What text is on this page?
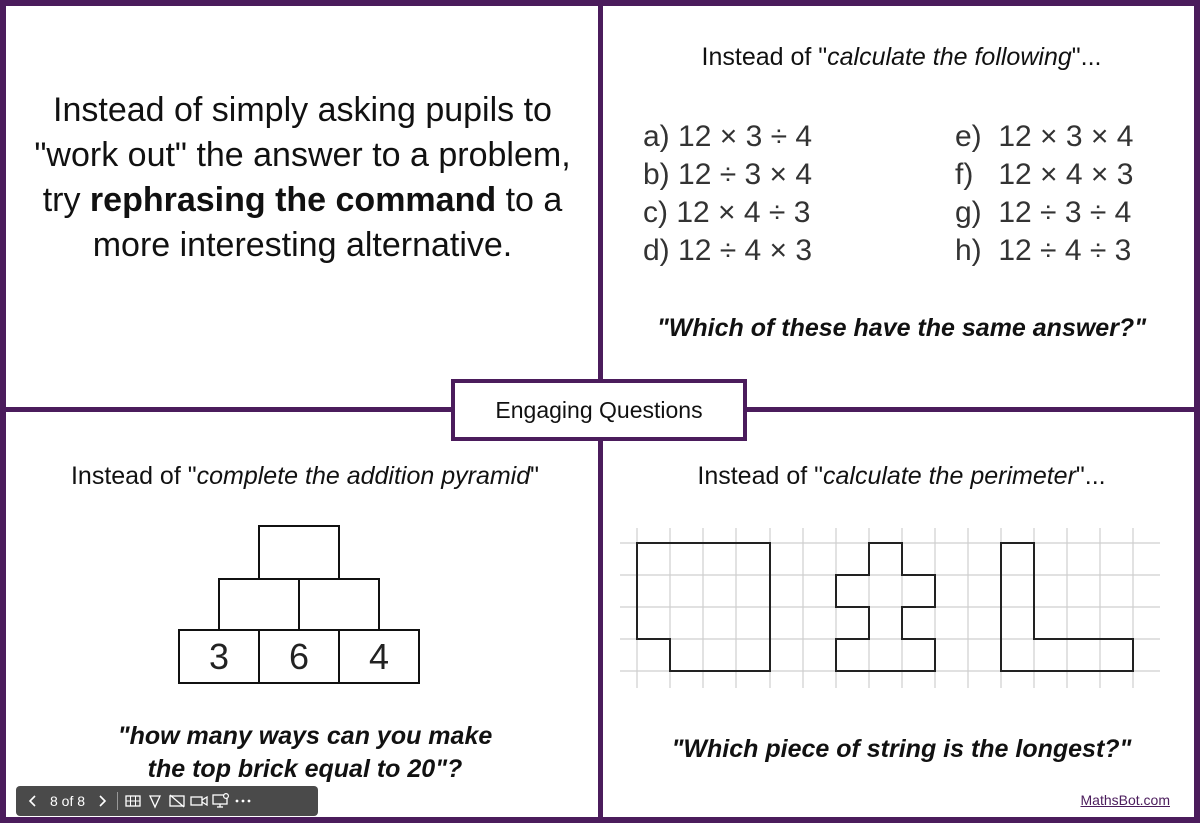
Instead of simply asking pupils to "work out" the answer to a problem, try rephrasing the command to a more interesting alternative.
Engaging Questions
Instead of "calculate the following"...
a) 12 × 3 ÷ 4
b) 12 ÷ 3 × 4
c) 12 × 4 ÷ 3
d) 12 ÷ 4 × 3
e)  12 × 3 × 4
f)   12 × 4 × 3
g)  12 ÷ 3 ÷ 4
h)  12 ÷ 4 ÷ 3
"Which of these have the same answer?"
Instead of "complete the addition pyramid"
3	6	4
"how many ways can you make
the top brick equal to 20"?
Instead of "calculate the perimeter"...
"Which piece of string is the longest?"
MathsBot.com
8 of 8
